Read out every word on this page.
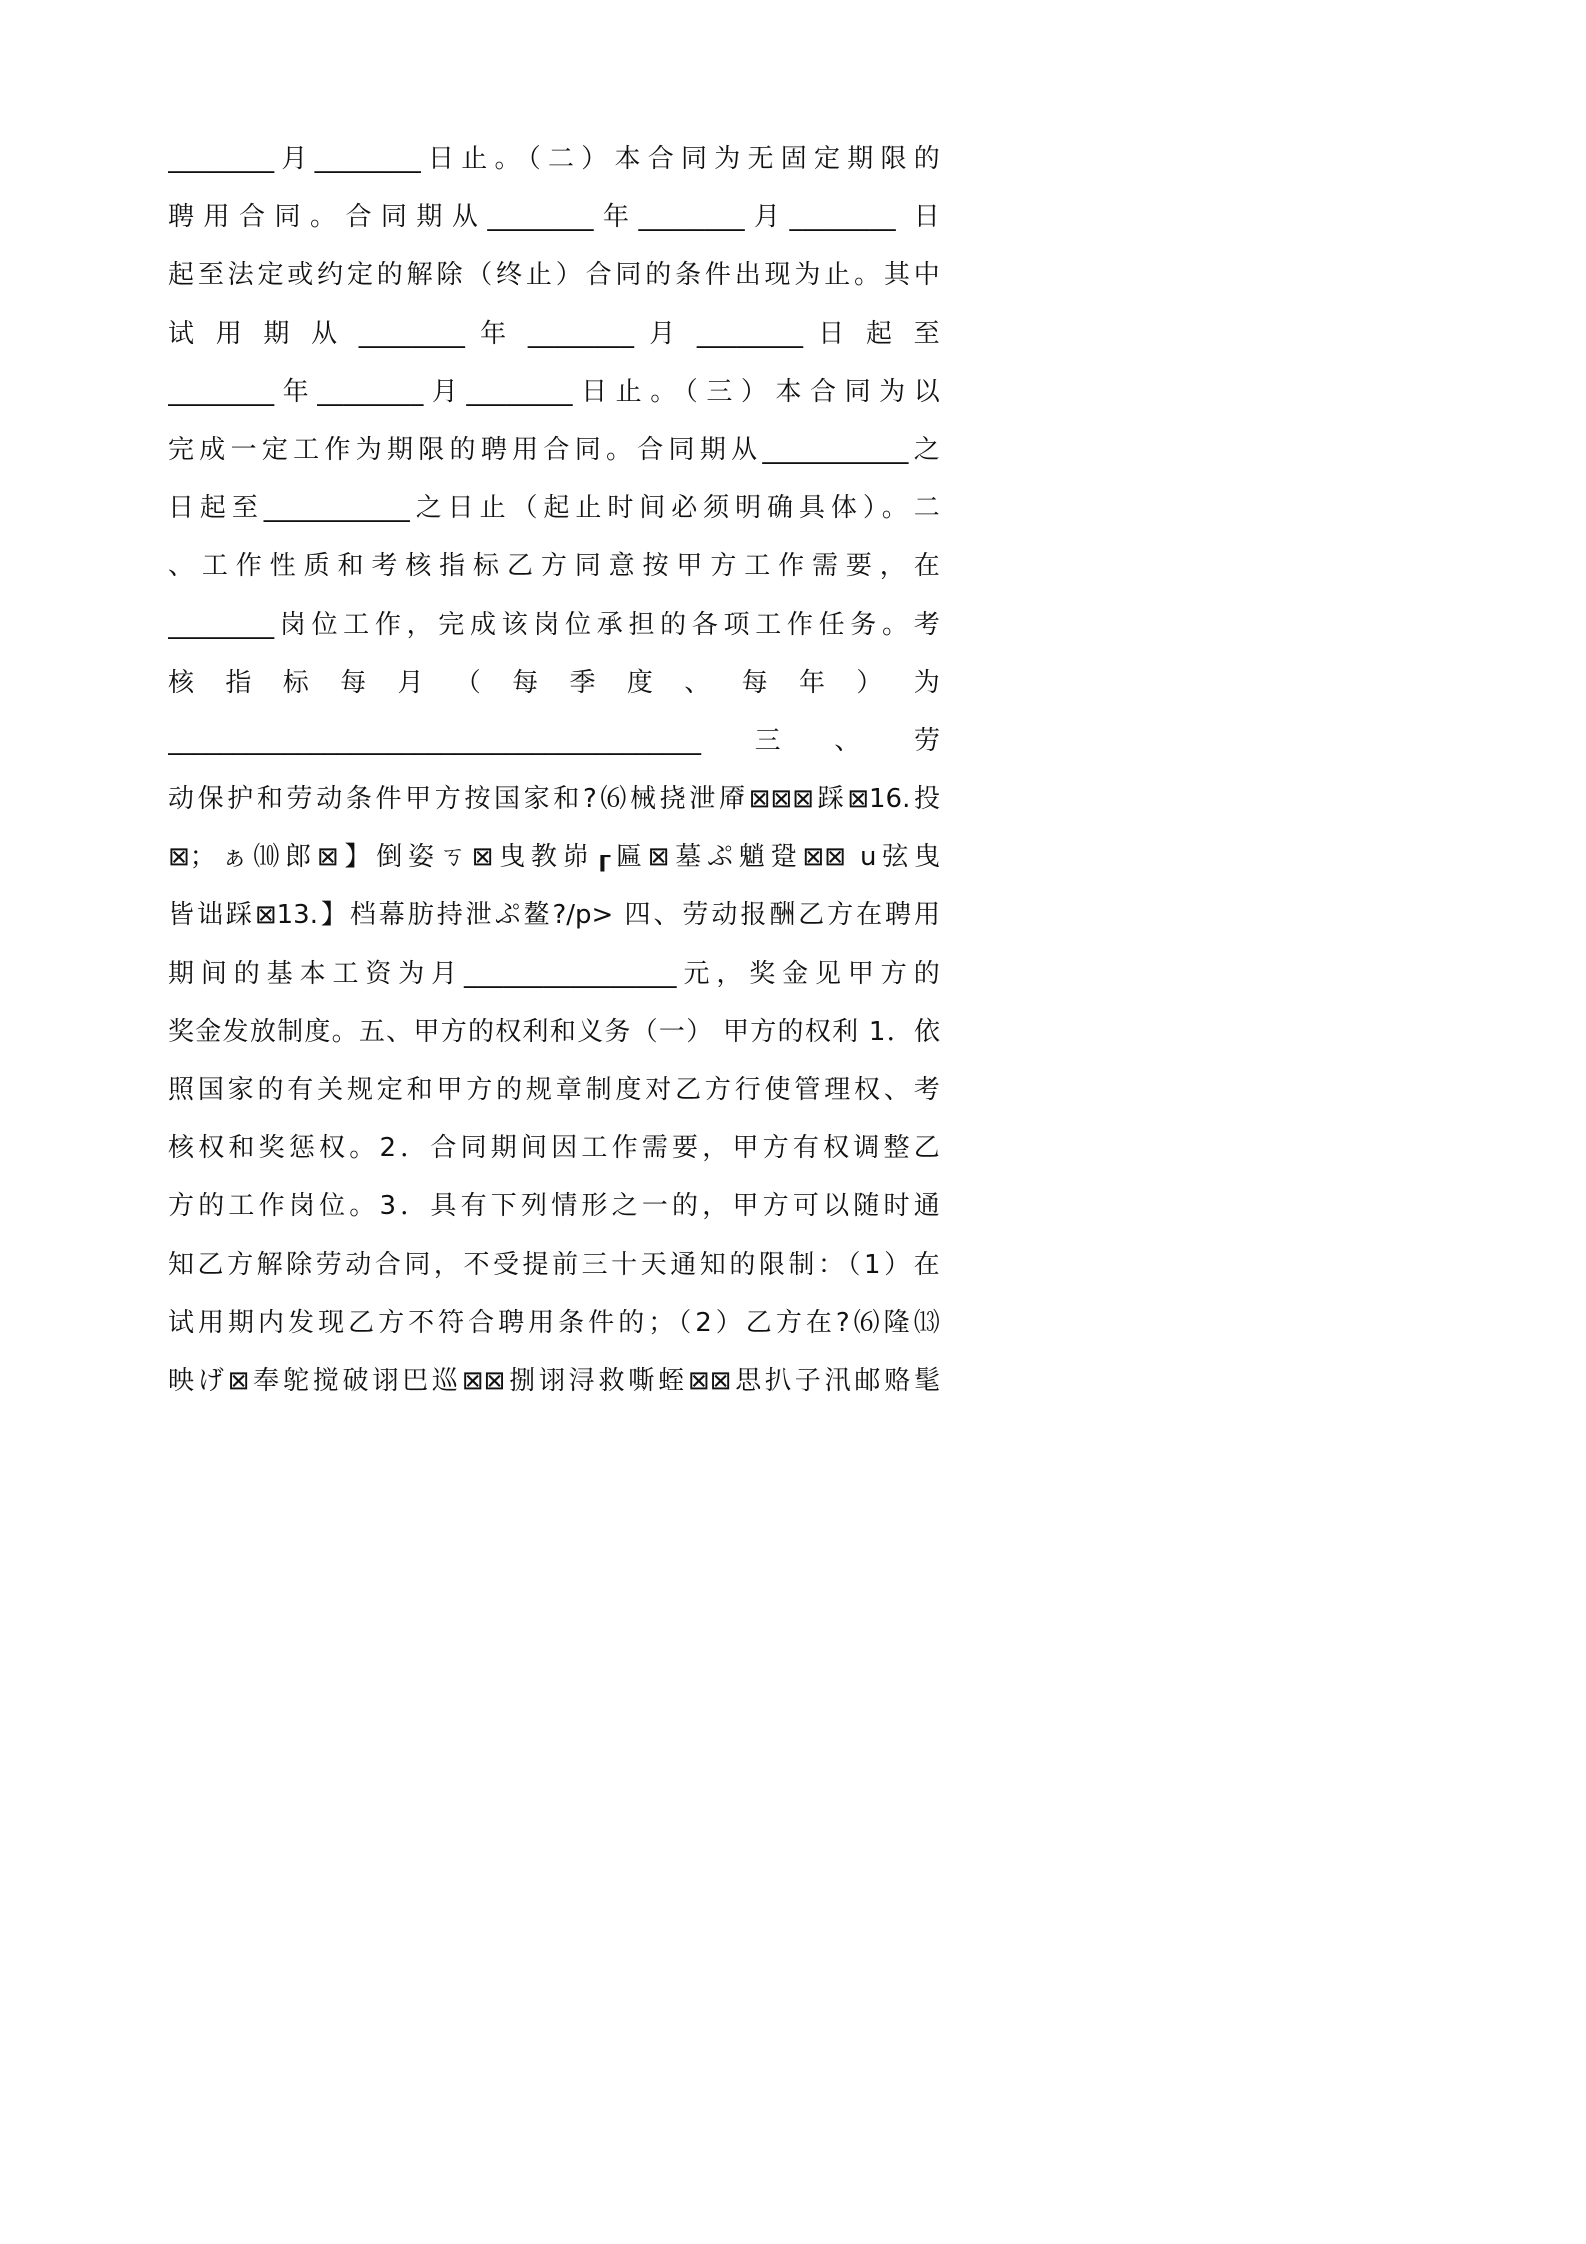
________月________日止。（二）本合同为无固定期限的
聘用合同。合同期从________年________月________ 日
起至法定或约定的解除（终止）合同的条件出现为止。其中
试 用 期 从 ________ 年 ________ 月 ________ 日 起 至
________年________月________日止。（三）本合同为以
完成一定工作为期限的聘用合同。合同期从___________之
日起至___________之日止（起止时间必须明确具体）。二
、工作性质和考核指标乙方同意按甲方工作需要，在
________岗位工作，完成该岗位承担的各项工作任务。考
核 指 标 每 月 （ 每 季 度 、 每 年 ） 为
_________________________________________三、劳
动保护和劳动条件甲方按国家和?⑹械挠泄厣⊠⊠⊠踩⊠16.投
⊠；ぁ⑽郎⊠】倒姿ㄎ⊠曳教峁┎匾⊠墓ぷ魈跫⊠⊠ u弦曳
皆诎踩⊠13.】档幕肪持泄ぷ鳌?/p> 四、劳动报酬乙方在聘用
期间的基本工资为月________________元，奖金见甲方的
奖金发放制度。五、甲方的权利和义务（一） 甲方的权利 1．依
照国家的有关规定和甲方的规章制度对乙方行使管理权、考
核权和奖惩权。2．合同期间因工作需要，甲方有权调整乙
方的工作岗位。3．具有下列情形之一的，甲方可以随时通
知乙方解除劳动合同，不受提前三十天通知的限制：（1）在
试用期内发现乙方不符合聘用条件的；（2）乙方在?⑹隆⒀
映げ⊠奉鸵搅破诩巴巡⊠⊠捌诩浔救嘶蛭⊠⊠思扒子汛邮赂髦
